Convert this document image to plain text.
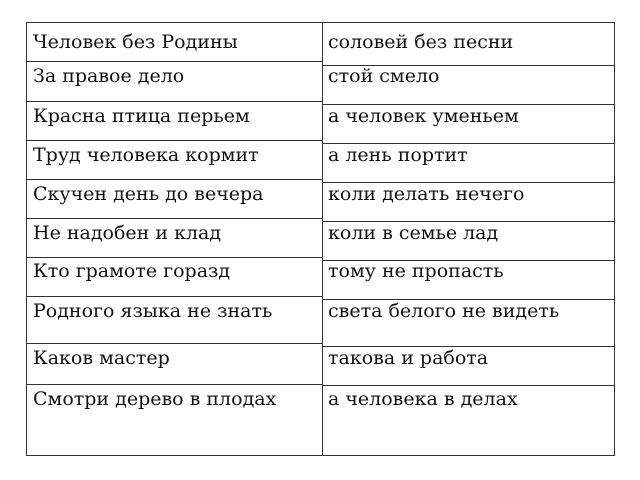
Человек без Родины
За правое дело
Красна птица перьем
Труд человека кормит
Скучен день до вечера
Не надобен и клад
Кто грамоте горазд
Родного языка не знать
Каков мастер
Смотри дерево в плодах
соловей без песни
стой смело
а человек уменьем
а лень портит
коли делать нечего
коли в семье лад
тому не пропасть
света белого не видеть
такова и работа
а человека в делах
